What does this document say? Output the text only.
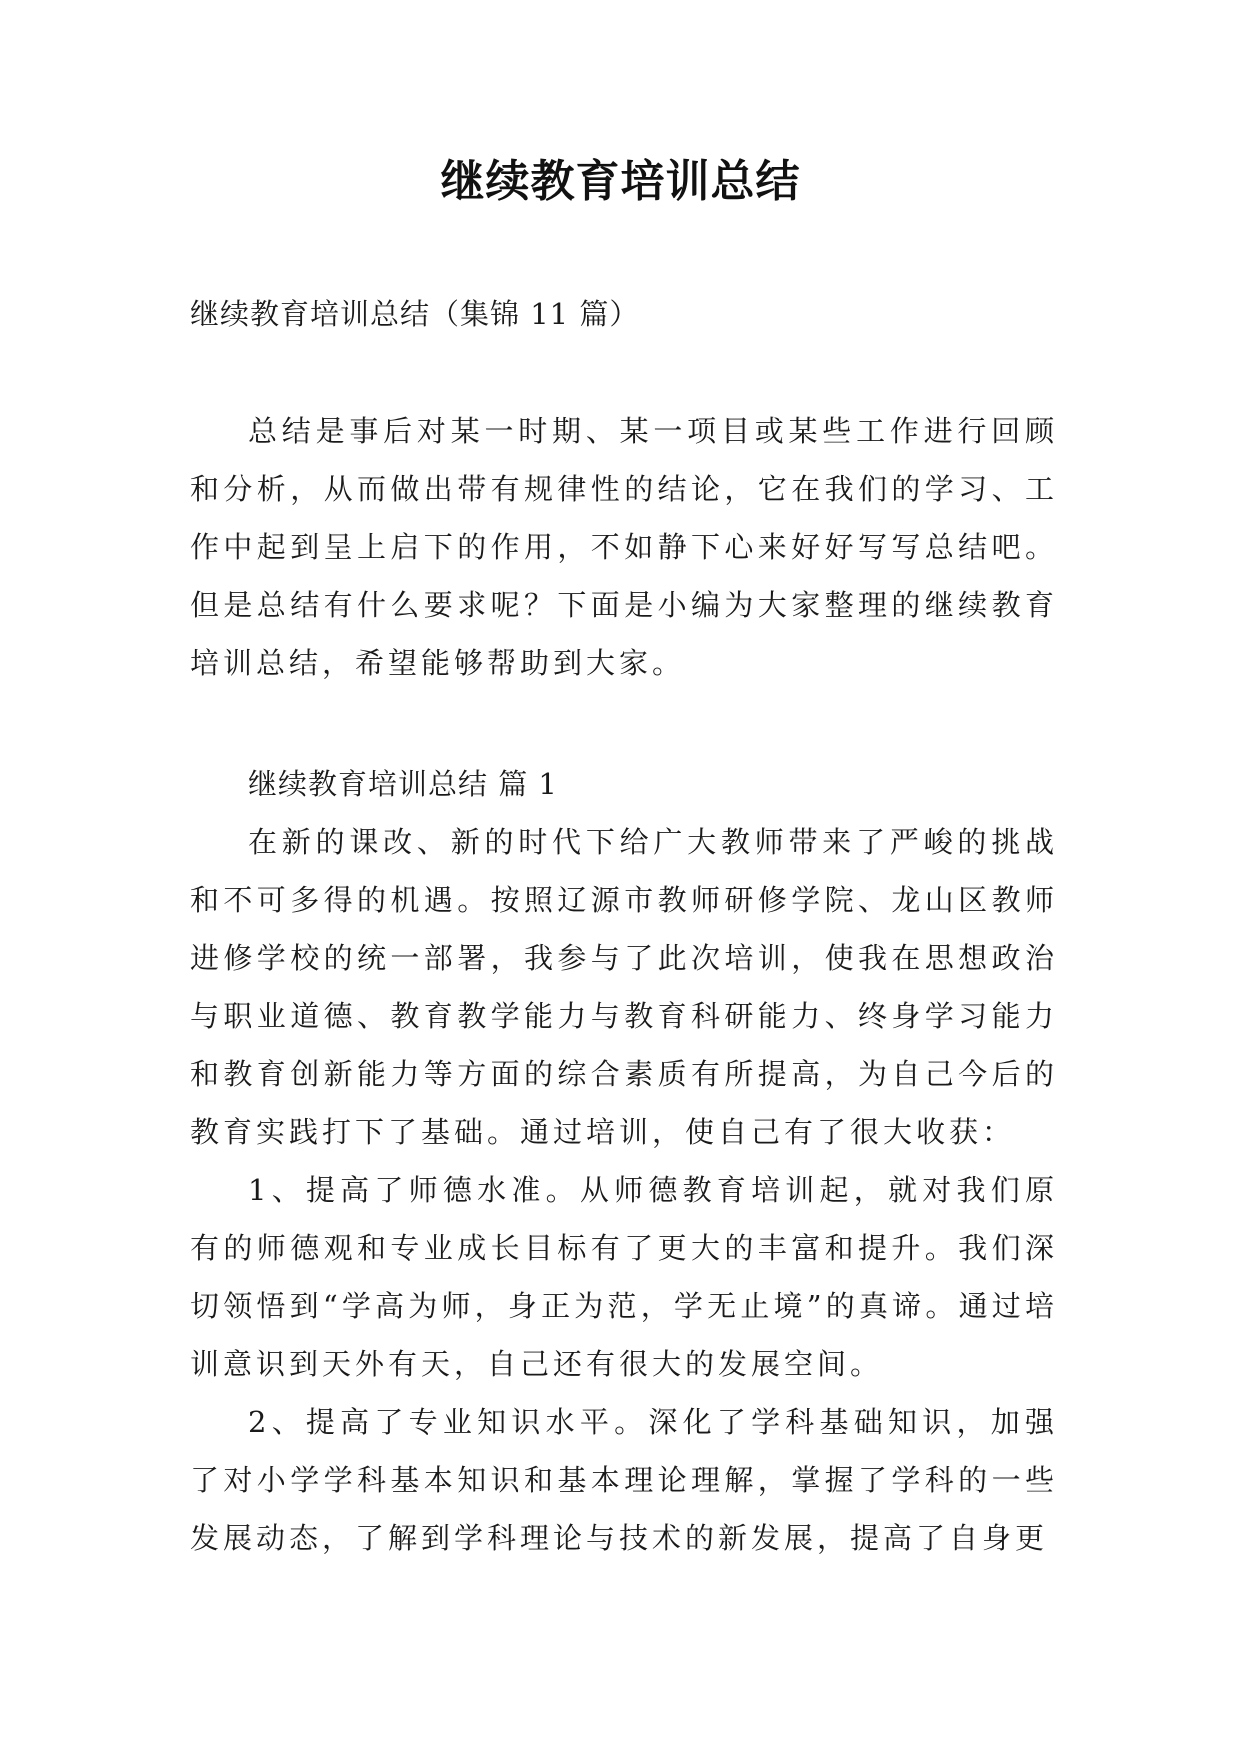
继续教育培训总结
继续教育培训总结（集锦 11 篇）

总结是事后对某一时期、某一项目或某些工作进行回顾和分析，从而做出带有规律性的结论，它在我们的学习、工作中起到呈上启下的作用，不如静下心来好好写写总结吧。但是总结有什么要求呢？下面是小编为大家整理的继续教育培训总结，希望能够帮助到大家。

继续教育培训总结 篇 1

在新的课改、新的时代下给广大教师带来了严峻的挑战和不可多得的机遇。按照辽源市教师研修学院、龙山区教师进修学校的统一部署，我参与了此次培训，使我在思想政治与职业道德、教育教学能力与教育科研能力、终身学习能力和教育创新能力等方面的综合素质有所提高，为自己今后的教育实践打下了基础。通过培训，使自己有了很大收获：

1、提高了师德水准。从师德教育培训起，就对我们原有的师德观和专业成长目标有了更大的丰富和提升。我们深切领悟到“学高为师，身正为范，学无止境”的真谛。通过培训意识到天外有天，自己还有很大的发展空间。

2、提高了专业知识水平。深化了学科基础知识，加强了对小学学科基本知识和基本理论理解，掌握了学科的一些发展动态，了解到学科理论与技术的新发展，提高了自身更
